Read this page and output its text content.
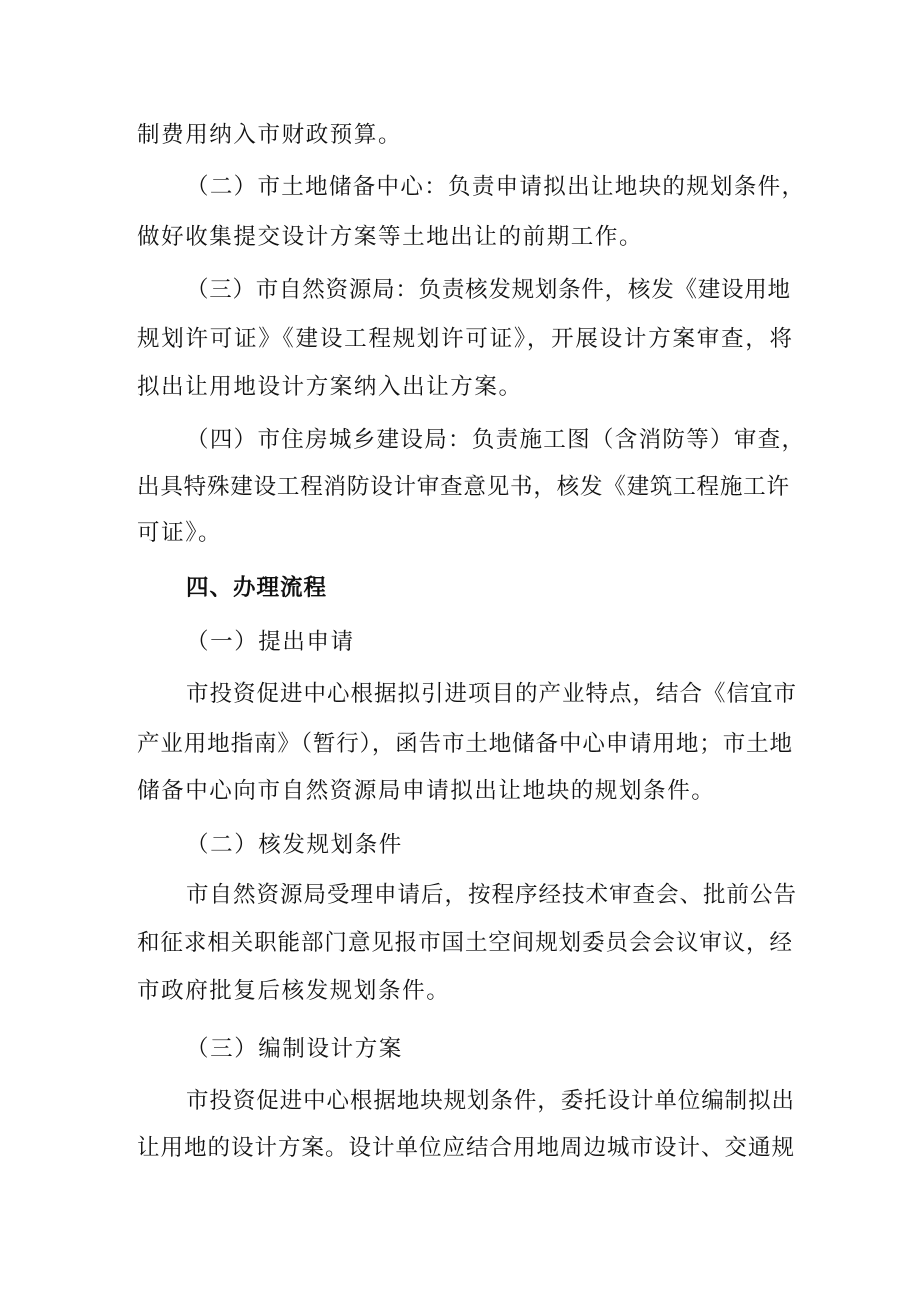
制费用纳入市财政预算。
（二）市土地储备中心：负责申请拟出让地块的规划条件，
做好收集提交设计方案等土地出让的前期工作。
（三）市自然资源局：负责核发规划条件，核发《建设用地
规划许可证》《建设工程规划许可证》，开展设计方案审查，将
拟出让用地设计方案纳入出让方案。
（四）市住房城乡建设局：负责施工图（含消防等）审查，
出具特殊建设工程消防设计审查意见书，核发《建筑工程施工许
可证》。
四、办理流程
（一）提出申请
市投资促进中心根据拟引进项目的产业特点，结合《信宜市
产业用地指南》（暂行），函告市土地储备中心申请用地；市土地
储备中心向市自然资源局申请拟出让地块的规划条件。
（二）核发规划条件
市自然资源局受理申请后，按程序经技术审查会、批前公告
和征求相关职能部门意见报市国土空间规划委员会会议审议，经
市政府批复后核发规划条件。
（三）编制设计方案
市投资促进中心根据地块规划条件，委托设计单位编制拟出
让用地的设计方案。设计单位应结合用地周边城市设计、交通规
